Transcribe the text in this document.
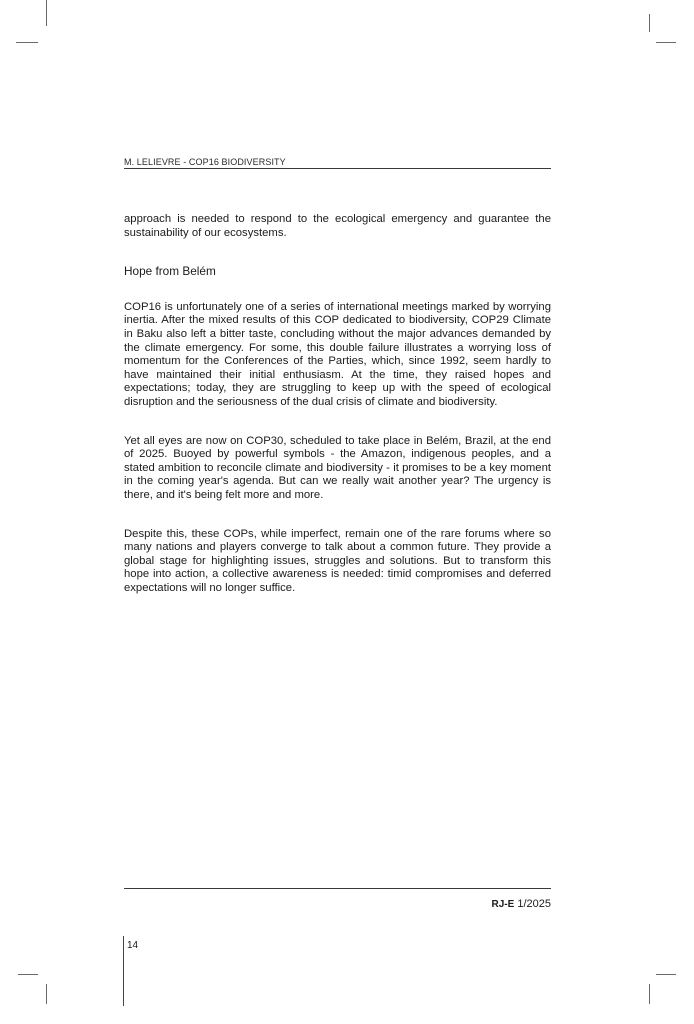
M. LELIEVRE - COP16 BIODIVERSITY

approach is needed to respond to the ecological emergency and guarantee the sustainability of our ecosystems.

Hope from Belém

COP16 is unfortunately one of a series of international meetings marked by worrying inertia. After the mixed results of this COP dedicated to biodiversity, COP29 Climate in Baku also left a bitter taste, concluding without the major advances demanded by the climate emergency. For some, this double failure illustrates a worrying loss of momentum for the Conferences of the Parties, which, since 1992, seem hardly to have maintained their initial enthusiasm. At the time, they raised hopes and expectations; today, they are struggling to keep up with the speed of ecological disruption and the seriousness of the dual crisis of climate and biodiversity.

Yet all eyes are now on COP30, scheduled to take place in Belém, Brazil, at the end of 2025. Buoyed by powerful symbols - the Amazon, indigenous peoples, and a stated ambition to reconcile climate and biodiversity - it promises to be a key moment in the coming year's agenda. But can we really wait another year? The urgency is there, and it's being felt more and more.

Despite this, these COPs, while imperfect, remain one of the rare forums where so many nations and players converge to talk about a common future. They provide a global stage for highlighting issues, struggles and solutions. But to transform this hope into action, a collective awareness is needed: timid compromises and deferred expectations will no longer suffice.

RJ-E 1/2025
14
